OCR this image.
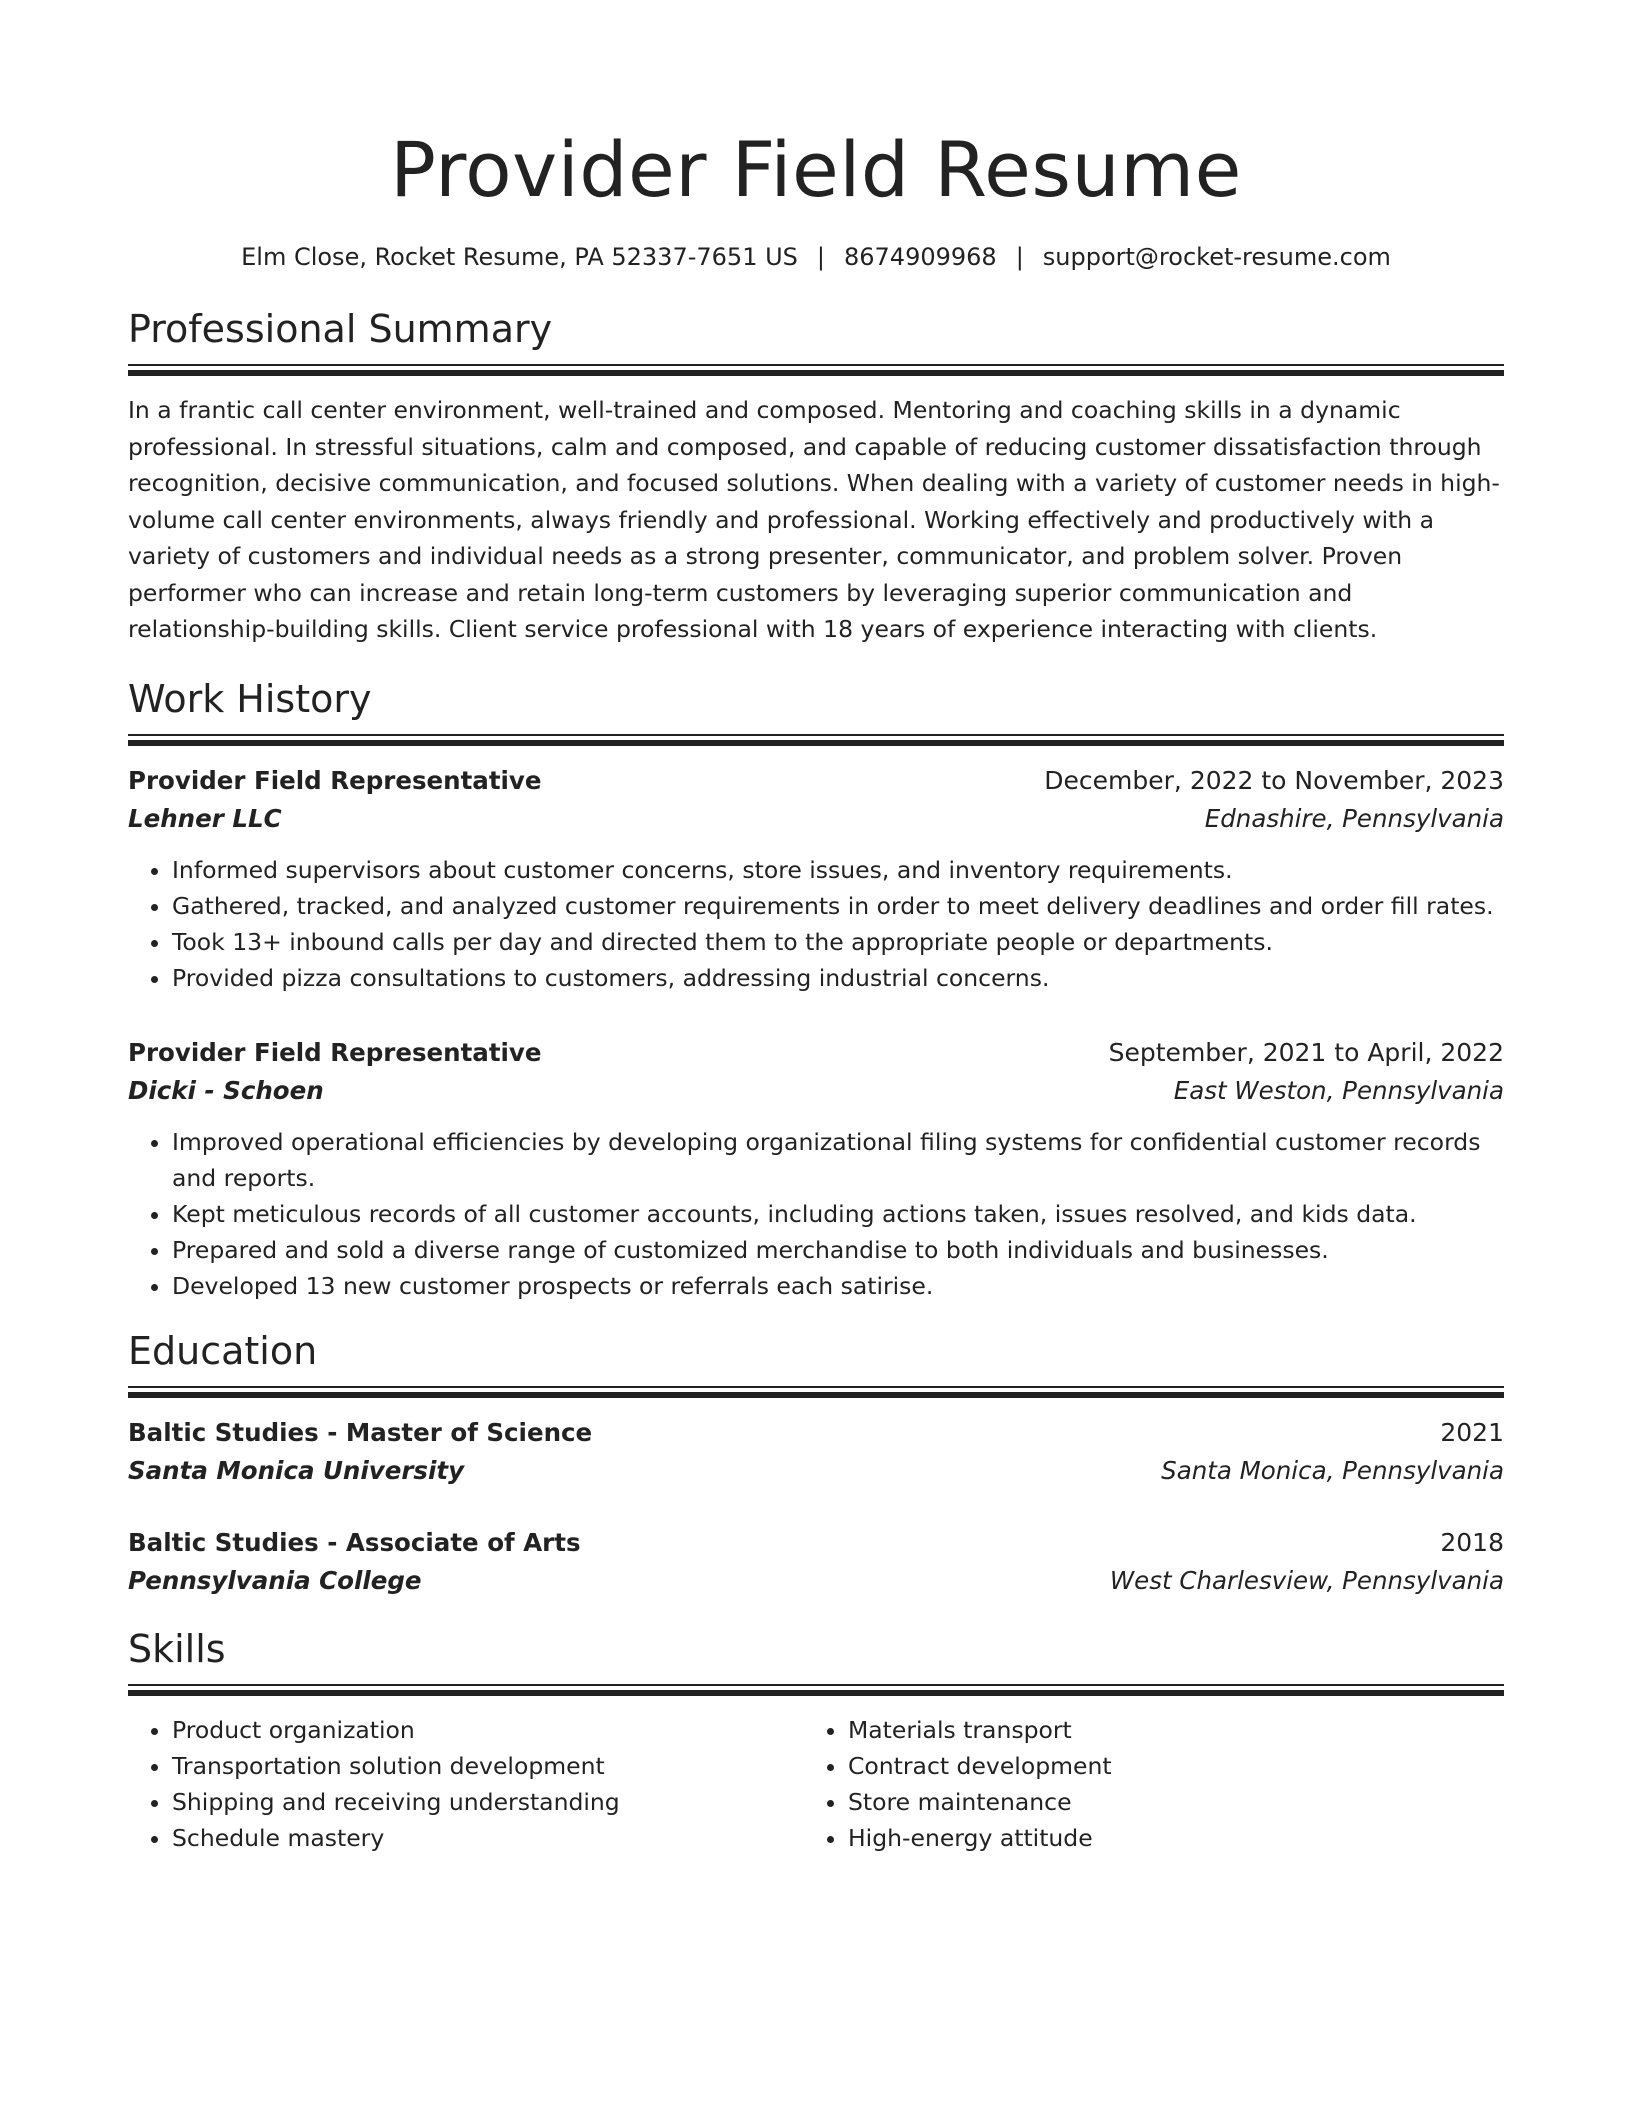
Provider Field Resume
Elm Close, Rocket Resume, PA 52337-7651 US | 8674909968 | support@rocket-resume.com
Professional Summary

In a frantic call center environment, well-trained and composed. Mentoring and coaching skills in a dynamic professional. In stressful situations, calm and composed, and capable of reducing customer dissatisfaction through recognition, decisive communication, and focused solutions. When dealing with a variety of customer needs in high-volume call center environments, always friendly and professional. Working effectively and productively with a variety of customers and individual needs as a strong presenter, communicator, and problem solver. Proven performer who can increase and retain long-term customers by leveraging superior communication and relationship-building skills. Client service professional with 18 years of experience interacting with clients.

Work History
Provider Field Representative	December, 2022 to November, 2023
Lehner LLC	Ednashire, Pennsylvania
• Informed supervisors about customer concerns, store issues, and inventory requirements.
• Gathered, tracked, and analyzed customer requirements in order to meet delivery deadlines and order fill rates.
• Took 13+ inbound calls per day and directed them to the appropriate people or departments.
• Provided pizza consultations to customers, addressing industrial concerns.
Provider Field Representative	September, 2021 to April, 2022
Dicki - Schoen	East Weston, Pennsylvania
• Improved operational efficiencies by developing organizational filing systems for confidential customer records and reports.
• Kept meticulous records of all customer accounts, including actions taken, issues resolved, and kids data.
• Prepared and sold a diverse range of customized merchandise to both individuals and businesses.
• Developed 13 new customer prospects or referrals each satirise.
Education
Baltic Studies - Master of Science	2021
Santa Monica University	Santa Monica, Pennsylvania
Baltic Studies - Associate of Arts	2018
Pennsylvania College	West Charlesview, Pennsylvania
Skills
• Product organization
• Transportation solution development
• Shipping and receiving understanding
• Schedule mastery
• Materials transport
• Contract development
• Store maintenance
• High-energy attitude
